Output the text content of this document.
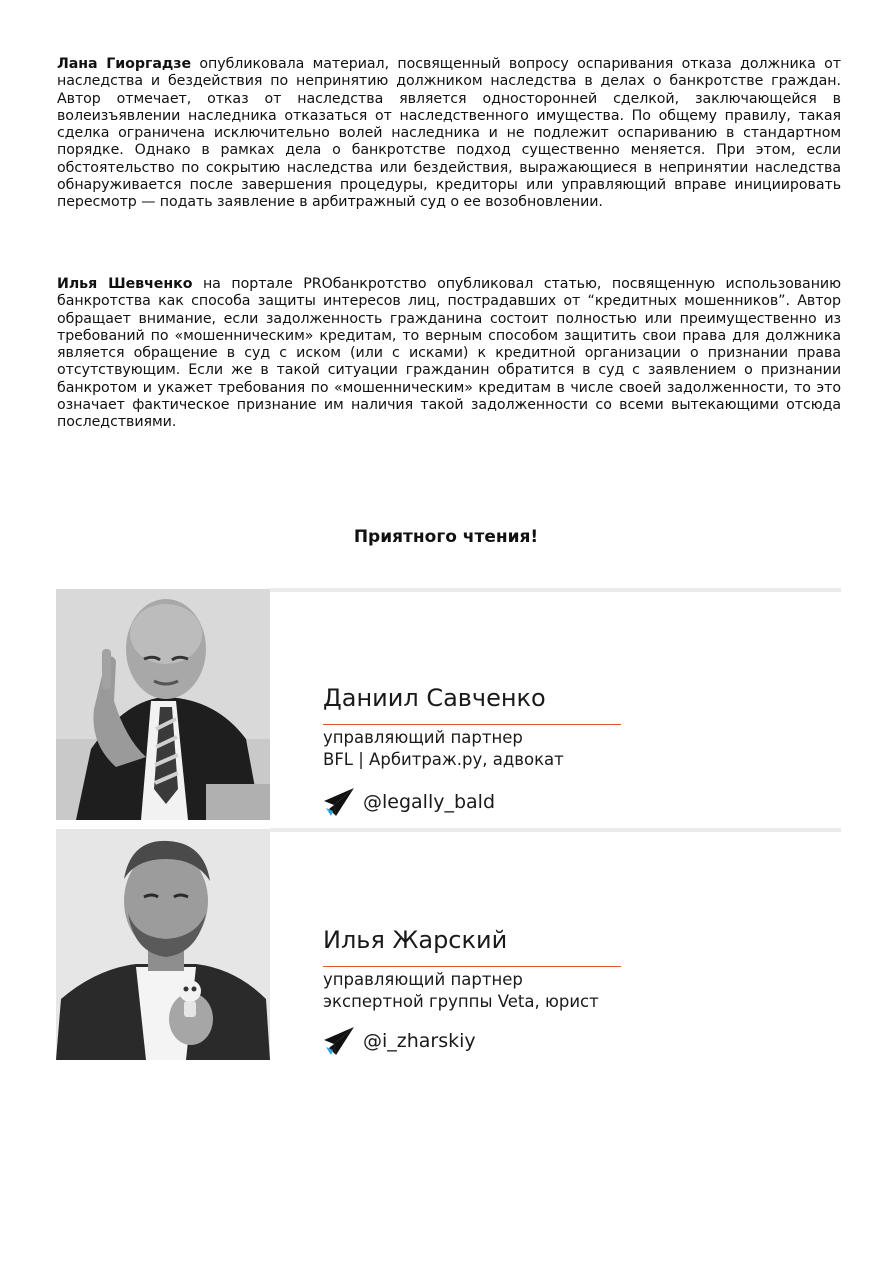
Лана Гиоргадзе опубликовала материал, посвященный вопросу оспаривания отказа должника от наследства и бездействия по непринятию должником наследства в делах о банкротстве граждан. Автор отмечает, отказ от наследства является односторонней сделкой, заключающейся в волеизъявлении наследника отказаться от наследственного имущества. По общему правилу, такая сделка ограничена исключительно волей наследника и не подлежит оспариванию в стандартном порядке. Однако в рамках дела о банкротстве подход существенно меняется. При этом, если обстоятельство по сокрытию наследства или бездействия, выражающиеся в непринятии наследства обнаруживается после завершения процедуры, кредиторы или управляющий вправе инициировать пересмотр — подать заявление в арбитражный суд о ее возобновлении.

Илья Шевченко на портале PROбанкротство опубликовал статью, посвященную использованию банкротства как способа защиты интересов лиц, пострадавших от “кредитных мошенников”. Автор обращает внимание, если задолженность гражданина состоит полностью или преимущественно из требований по «мошенническим» кредитам, то верным способом защитить свои права для должника является обращение в суд с иском (или с исками) к кредитной организации о признании права отсутствующим. Если же в такой ситуации гражданин обратится в суд с заявлением о признании банкротом и укажет требования по «мошенническим» кредитам в числе своей задолженности, то это означает фактическое признание им наличия такой задолженности со всеми вытекающими отсюда последствиями.

Приятного чтения!
Даниил Савченко
управляющий партнер
BFL | Арбитраж.ру, адвокат
@legally_bald
Илья Жарский
управляющий партнер
экспертной группы Veta, юрист
@i_zharskiy
